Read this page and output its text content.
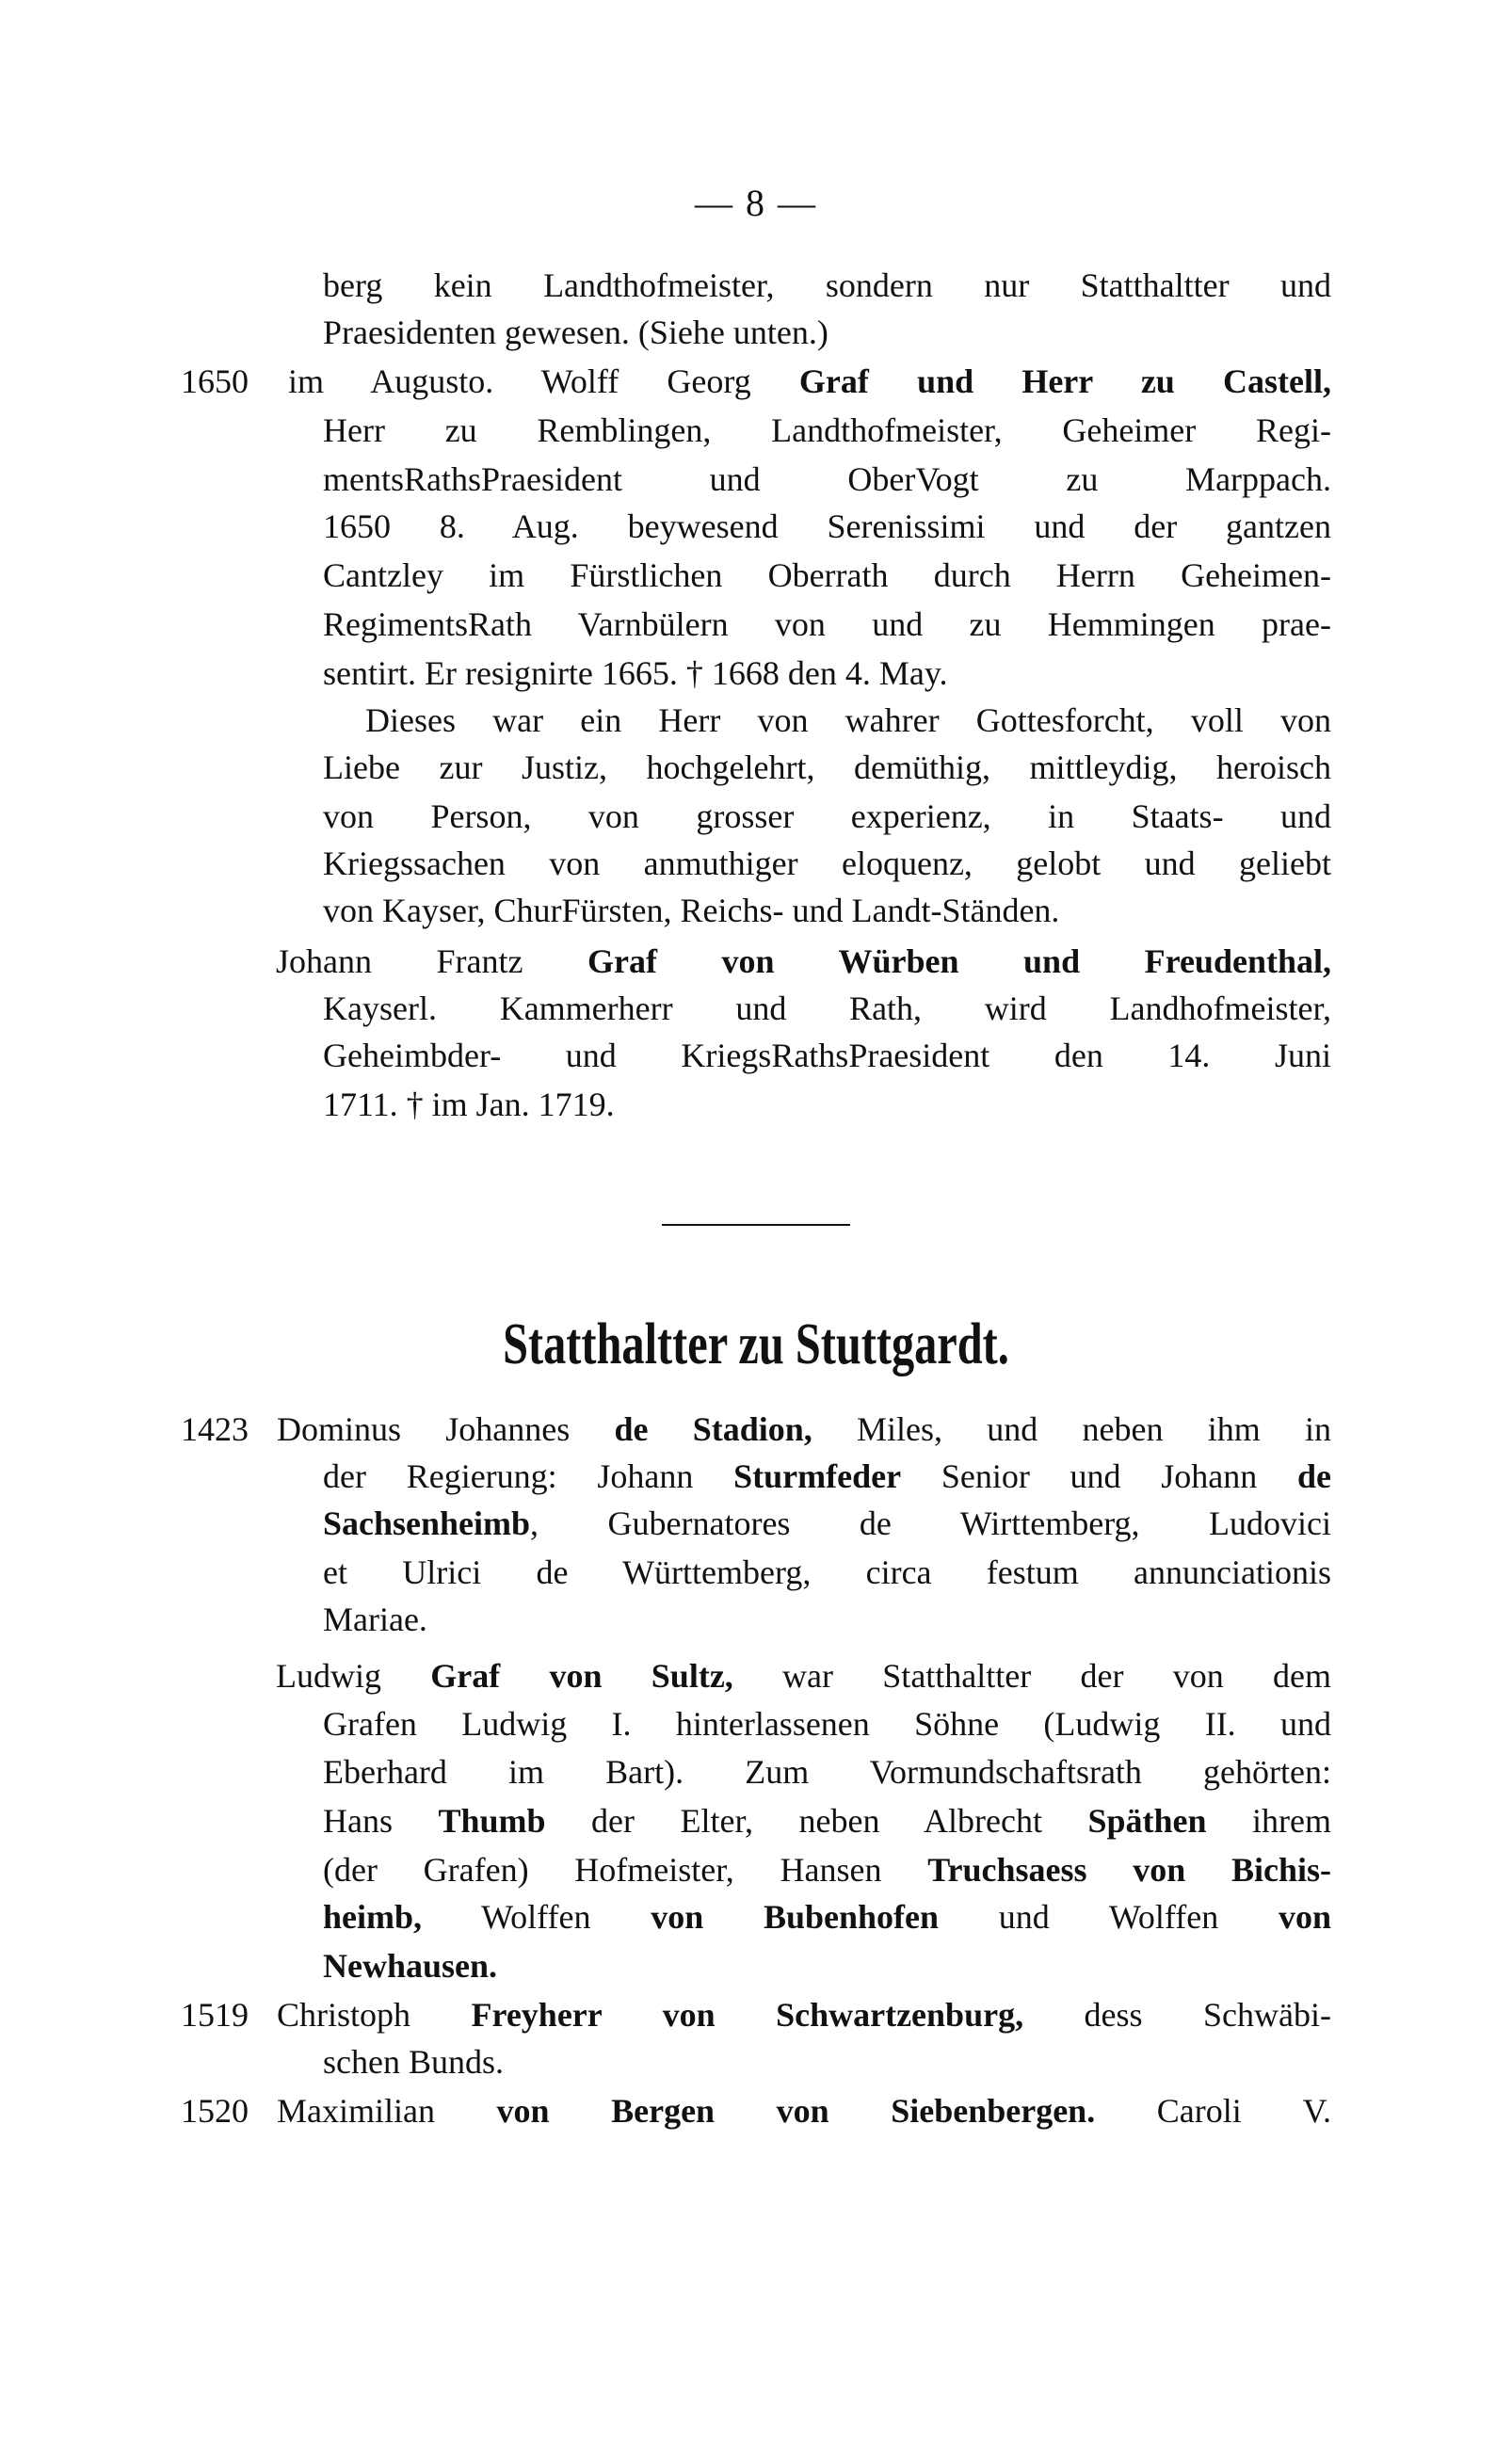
— 8 —
berg kein Landthofmeister, sondern nur Statthaltter und
Praesidenten gewesen. (Siehe unten.)
1650 im Augusto. Wolff Georg Graf und Herr zu Castell,
Herr zu Remblingen, Landthofmeister, Geheimer Regi-
mentsRathsPraesident und OberVogt zu Marppach.
1650 8. Aug. beywesend Serenissimi und der gantzen
Cantzley im Fürstlichen Oberrath durch Herrn Geheimen-
RegimentsRath Varnbülern von und zu Hemmingen prae-
sentirt. Er resignirte 1665. † 1668 den 4. May.
Dieses war ein Herr von wahrer Gottesforcht, voll von
Liebe zur Justiz, hochgelehrt, demüthig, mittleydig, heroisch
von Person, von grosser experienz, in Staats- und
Kriegssachen von anmuthiger eloquenz, gelobt und geliebt
von Kayser, ChurFürsten, Reichs- und Landt-Ständen.
Johann Frantz Graf von Würben und Freudenthal,
Kayserl. Kammerherr und Rath, wird Landhofmeister,
Geheimbder- und KriegsRathsPraesident den 14. Juni
1711. † im Jan. 1719.
1423 Dominus Johannes de Stadion, Miles, und neben ihm in
der Regierung: Johann Sturmfeder Senior und Johann de
Sachsenheimb, Gubernatores de Wirttemberg, Ludovici
et Ulrici de Württemberg, circa festum annunciationis
Mariae.
Ludwig Graf von Sultz, war Statthaltter der von dem
Grafen Ludwig I. hinterlassenen Söhne (Ludwig II. und
Eberhard im Bart). Zum Vormundschaftsrath gehörten:
Hans Thumb der Elter, neben Albrecht Späthen ihrem
(der Grafen) Hofmeister, Hansen Truchsaess von Bichis-
heimb, Wolffen von Bubenhofen und Wolffen von
Newhausen.
1519 Christoph Freyherr von Schwartzenburg, dess Schwäbi-
schen Bunds.
1520 Maximilian von Bergen von Siebenbergen. Caroli V.
Statthaltter zu Stuttgardt.
